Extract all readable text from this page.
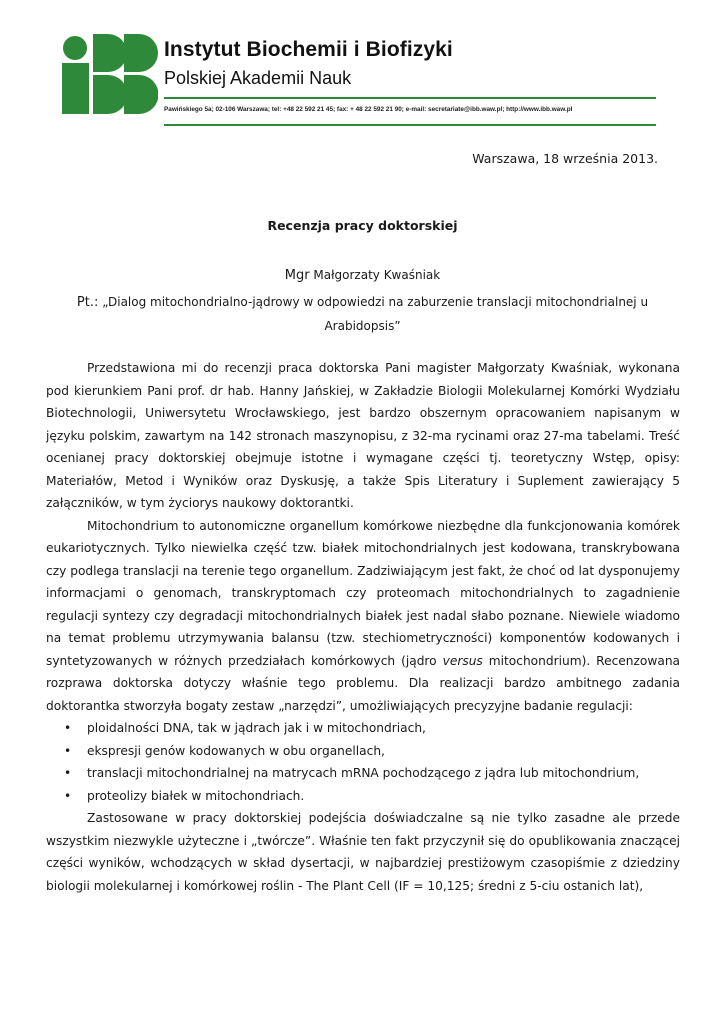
Instytut Biochemii i Biofizyki
Polskiej Akademii Nauk
Pawińskiego 5a; 02-106 Warszawa; tel: +48 22 592 21 45; fax: + 48 22 592 21 90; e-mail: secretariate@ibb.waw.pl; http://www.ibb.waw.pl
Warszawa, 18 września 2013.
Recenzja pracy doktorskiej
Mgr Małgorzaty Kwaśniak
Pt.: „Dialog mitochondrialno-jądrowy w odpowiedzi na zaburzenie translacji mitochondrialnej u Arabidopsis”

Przedstawiona mi do recenzji praca doktorska Pani magister Małgorzaty Kwaśniak, wykonana pod kierunkiem Pani prof. dr hab. Hanny Jańskiej, w Zakładzie Biologii Molekularnej Komórki Wydziału Biotechnologii, Uniwersytetu Wrocławskiego, jest bardzo obszernym opracowaniem napisanym w języku polskim, zawartym na 142 stronach maszynopisu, z 32-ma rycinami oraz 27-ma tabelami. Treść ocenianej pracy doktorskiej obejmuje istotne i wymagane części tj. teoretyczny Wstęp, opisy: Materiałów, Metod i Wyników oraz Dyskusję, a także Spis Literatury i Suplement zawierający 5 załączników, w tym życiorys naukowy doktorantki.

Mitochondrium to autonomiczne organellum komórkowe niezbędne dla funkcjonowania komórek eukariotycznych. Tylko niewielka część tzw. białek mitochondrialnych jest kodowana, transkrybowana czy podlega translacji na terenie tego organellum. Zadziwiającym jest fakt, że choć od lat dysponujemy informacjami o genomach, transkryptomach czy proteomach mitochondrialnych to zagadnienie regulacji syntezy czy degradacji mitochondrialnych białek jest nadal słabo poznane. Niewiele wiadomo na temat problemu utrzymywania balansu (tzw. stechiometryczności) komponentów kodowanych i syntetyzowanych w różnych przedziałach komórkowych (jądro versus mitochondrium). Recenzowana rozprawa doktorska dotyczy właśnie tego problemu. Dla realizacji bardzo ambitnego zadania doktorantka stworzyła bogaty zestaw „narzędzi”, umożliwiających precyzyjne badanie regulacji:

• ploidalności DNA, tak w jądrach jak i w mitochondriach,
• ekspresji genów kodowanych w obu organellach,
• translacji mitochondrialnej na matrycach mRNA pochodzącego z jądra lub mitochondrium,
• proteolizy białek w mitochondriach.

Zastosowane w pracy doktorskiej podejścia doświadczalne są nie tylko zasadne ale przede wszystkim niezwykle użyteczne i „twórcze”. Właśnie ten fakt przyczynił się do opublikowania znaczącej części wyników, wchodzących w skład dysertacji, w najbardziej prestiżowym czasopiśmie z dziedziny biologii molekularnej i komórkowej roślin - The Plant Cell (IF = 10,125; średni z 5-ciu ostanich lat),
